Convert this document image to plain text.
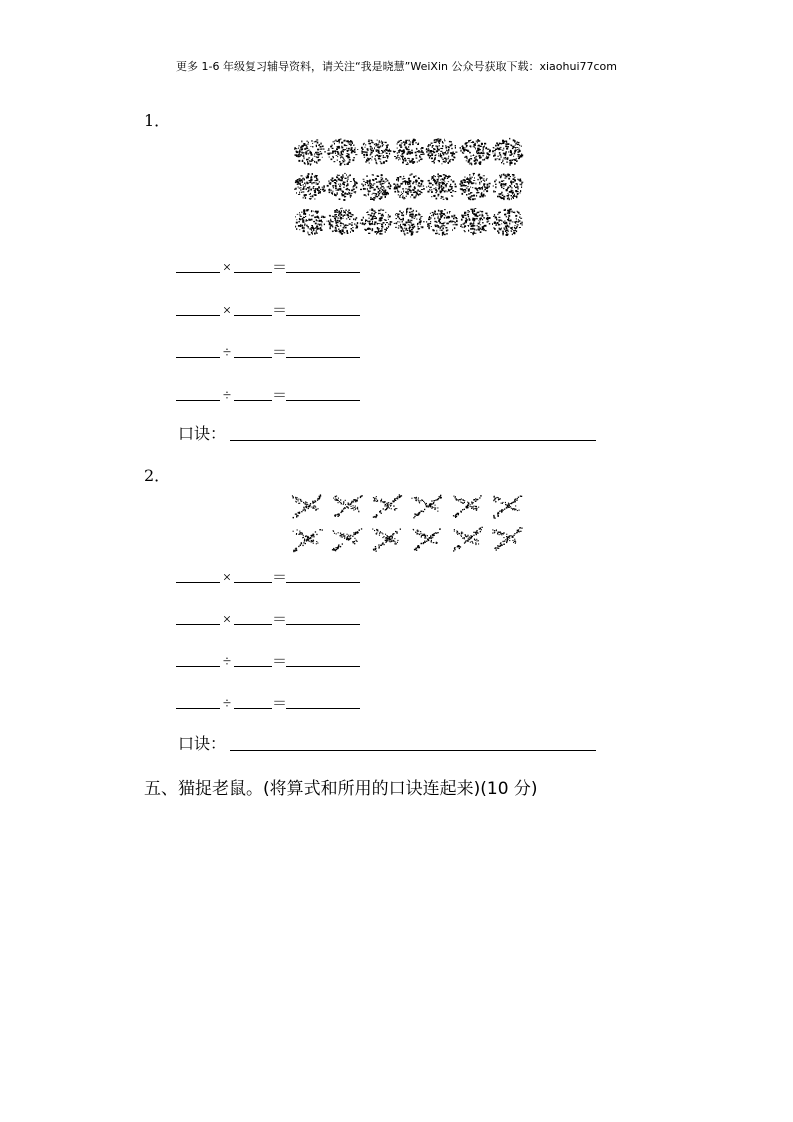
更多 1-6 年级复习辅导资料，请关注“我是晓慧”WeiXin 公众号获取下载：xiaohui77com
1．
×	＝
×	＝
÷	＝
÷	＝
口诀：
2．
×	＝
×	＝
÷	＝
÷	＝
口诀：
五、猫捉老鼠。(将算式和所用的口诀连起来)(10 分)
